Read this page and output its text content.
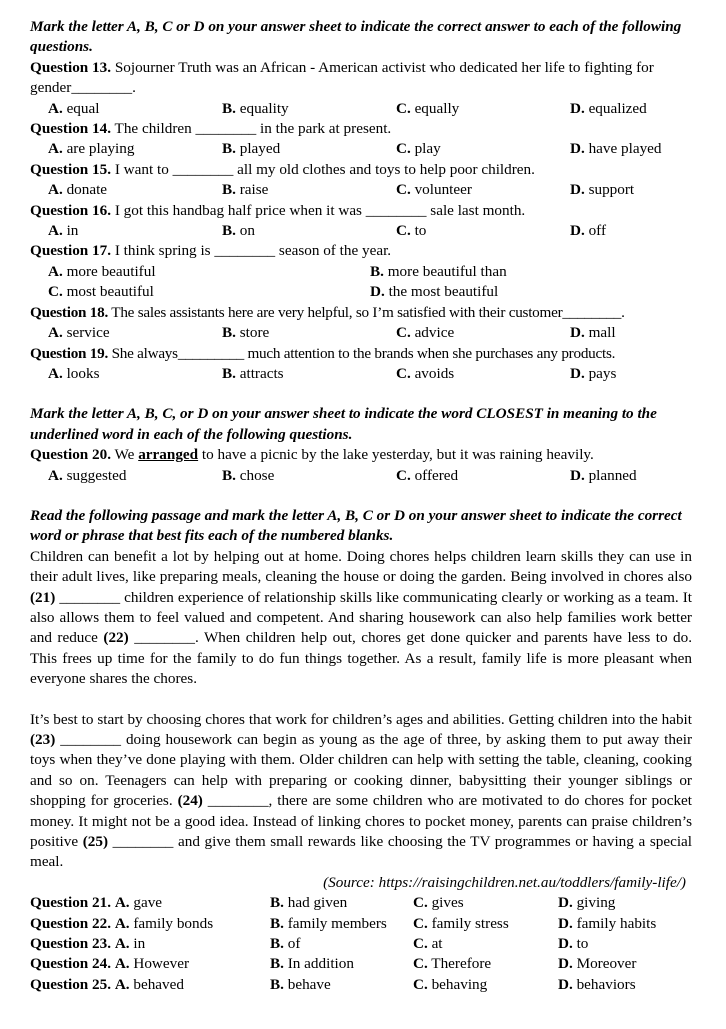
Mark the letter A, B, C or D on your answer sheet to indicate the correct answer to each of the following questions.
Question 13. Sojourner Truth was an African - American activist who dedicated her life to fighting for gender________.
A. equal	B. equality	C. equally	D. equalized
Question 14. The children ________ in the park at present.
A. are playing	B. played	C. play	D. have played
Question 15. I want to ________ all my old clothes and toys to help poor children.
A. donate	B. raise	C. volunteer	D. support
Question 16. I got this handbag half price when it was ________ sale last month.
A. in	B. on	C. to	D. off
Question 17. I think spring is ________ season of the year.
A. more beautiful	B. more beautiful than
C. most beautiful	D. the most beautiful
Question 18. The sales assistants here are very helpful, so I’m satisfied with their customer________.
A. service	B. store	C. advice	D. mall
Question 19. She always_________ much attention to the brands when she purchases any products.
A. looks	B. attracts	C. avoids	D. pays
Mark the letter A, B, C, or D on your answer sheet to indicate the word CLOSEST in meaning to the underlined word in each of the following questions.
Question 20. We arranged to have a picnic by the lake yesterday, but it was raining heavily.
A. suggested	B. chose	C. offered	D. planned
Read the following passage and mark the letter A, B, C or D on your answer sheet to indicate the correct word or phrase that best fits each of the numbered blanks.

Children can benefit a lot by helping out at home. Doing chores helps children learn skills they can use in their adult lives, like preparing meals, cleaning the house or doing the garden. Being involved in chores also (21) ________ children experience of relationship skills like communicating clearly or working as a team. It also allows them to feel valued and competent. And sharing housework can also help families work better and reduce (22) ________. When children help out, chores get done quicker and parents have less to do. This frees up time for the family to do fun things together. As a result, family life is more pleasant when everyone shares the chores.

It’s best to start by choosing chores that work for children’s ages and abilities. Getting children into the habit (23) ________ doing housework can begin as young as the age of three, by asking them to put away their toys when they’ve done playing with them. Older children can help with setting the table, cleaning, cooking and so on. Teenagers can help with preparing or cooking dinner, babysitting their younger siblings or shopping for groceries. (24) ________, there are some children who are motivated to do chores for pocket money. It might not be a good idea. Instead of linking chores to pocket money, parents can praise children’s positive (25) ________ and give them small rewards like choosing the TV programmes or having a special meal.

(Source: https://raisingchildren.net.au/toddlers/family-life/)
Question 21. A. gave	B. had given	C. gives	D. giving
Question 22. A. family bonds	B. family members	C. family stress	D. family habits
Question 23. A. in	B. of	C. at	D. to
Question 24. A. However	B. In addition	C. Therefore	D. Moreover
Question 25. A. behaved	B. behave	C. behaving	D. behaviors
